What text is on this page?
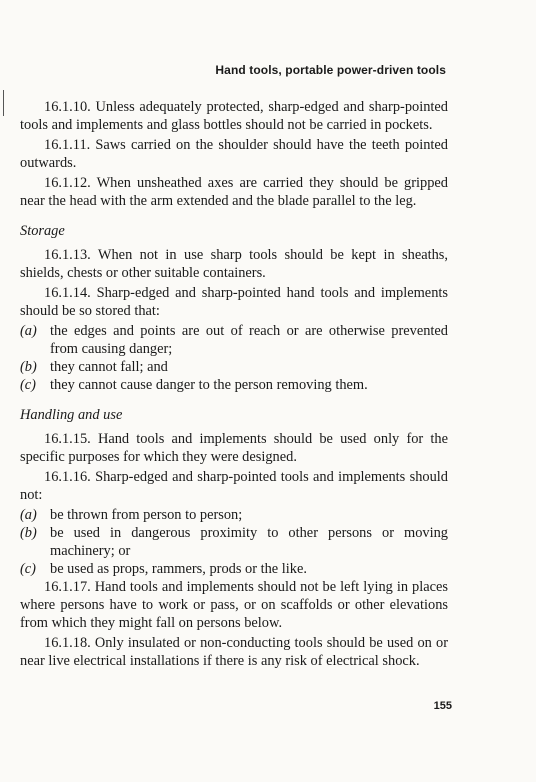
Hand tools, portable power-driven tools

16.1.10. Unless adequately protected, sharp-edged and sharp-pointed tools and implements and glass bottles should not be carried in pockets.

16.1.11. Saws carried on the shoulder should have the teeth pointed outwards.

16.1.12. When unsheathed axes are carried they should be gripped near the head with the arm extended and the blade parallel to the leg.

Storage

16.1.13. When not in use sharp tools should be kept in sheaths, shields, chests or other suitable containers.

16.1.14. Sharp-edged and sharp-pointed hand tools and implements should be so stored that:

(a) the edges and points are out of reach or are otherwise prevented from causing danger;
(b) they cannot fall; and
(c) they cannot cause danger to the person removing them.

Handling and use

16.1.15. Hand tools and implements should be used only for the specific purposes for which they were designed.

16.1.16. Sharp-edged and sharp-pointed tools and implements should not:

(a) be thrown from person to person;
(b) be used in dangerous proximity to other persons or moving machinery; or
(c) be used as props, rammers, prods or the like.

16.1.17. Hand tools and implements should not be left lying in places where persons have to work or pass, or on scaffolds or other elevations from which they might fall on persons below.

16.1.18. Only insulated or non-conducting tools should be used on or near live electrical installations if there is any risk of electrical shock.

155
